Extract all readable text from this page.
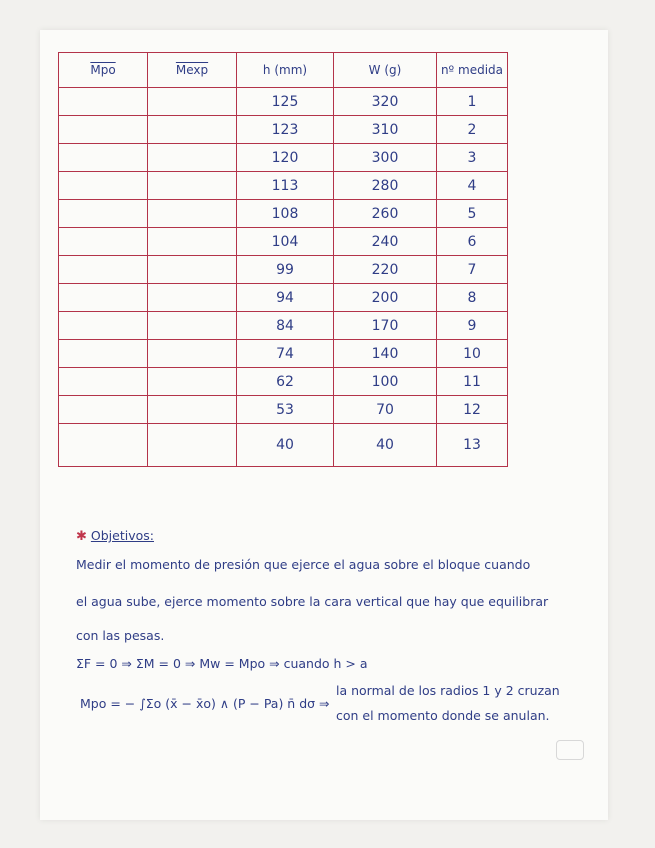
$\overline{Mpo}$	Mexp	h (mm)	W (g)	nº medida
		125	320	1
		123	310	2
		120	300	3
		113	280	4
		108	260	5
		104	240	6
		99	220	7
		94	200	8
		84	170	9
		74	140	10
		62	100	11
		53	70	12
		40	40	13
✱ Objetivos:
Medir el momento de presión que ejerce el agua sobre el bloque cuando
el agua sube, ejerce momento sobre la cara vertical que hay que equilibrar
con las pesas.
ΣF = 0 ⇒ ΣM = 0 ⇒ Mw = Mpo ⇒ cuando h > a
Mpo = − ∫Σo (x̄ − x̄o) ∧ (P − Pa) n̄ dσ ⇒
la normal de los radios 1 y 2 cruzan
con el momento donde se anulan.
